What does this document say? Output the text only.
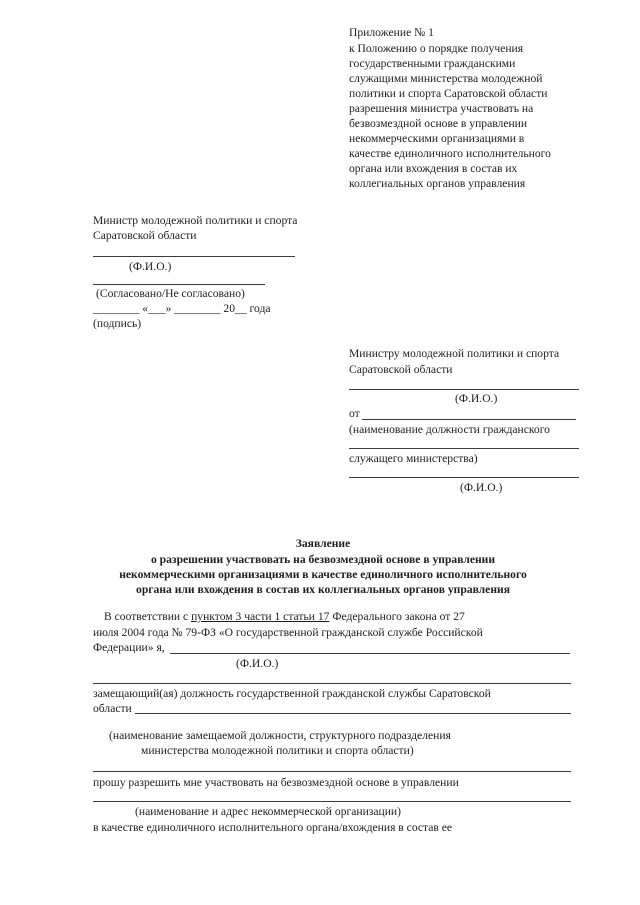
Приложение № 1
к Положению о порядке получения
государственными гражданскими
служащими министерства молодежной
политики и спорта Саратовской области
разрешения министра участвовать на
безвозмездной основе в управлении
некоммерческими организациями в
качестве единоличного исполнительного
органа или вхождения в состав их
коллегиальных органов управления
Министр молодежной политики и спорта
Саратовской области
(Ф.И.О.)
(Согласовано/Не согласовано)
________ «___» ________ 20__ года
(подпись)
Министру молодежной политики и спорта
Саратовской области
(Ф.И.О.)
от
(наименование должности гражданского
служащего министерства)
(Ф.И.О.)
Заявление
о разрешении участвовать на безвозмездной основе в управлении
некоммерческими организациями в качестве единоличного исполнительного
органа или вхождения в состав их коллегиальных органов управления
В соответствии с пунктом 3 части 1 статьи 17 Федерального закона от 27
июля 2004 года № 79-ФЗ «О государственной гражданской службе Российской
Федерации» я,
(Ф.И.О.)
замещающий(ая) должность государственной гражданской службы Саратовской
области
(наименование замещаемой должности, структурного подразделения
министерства молодежной политики и спорта области)
прошу разрешить мне участвовать на безвозмездной основе в управлении
(наименование и адрес некоммерческой организации)
в качестве единоличного исполнительного органа/вхождения в состав ее
